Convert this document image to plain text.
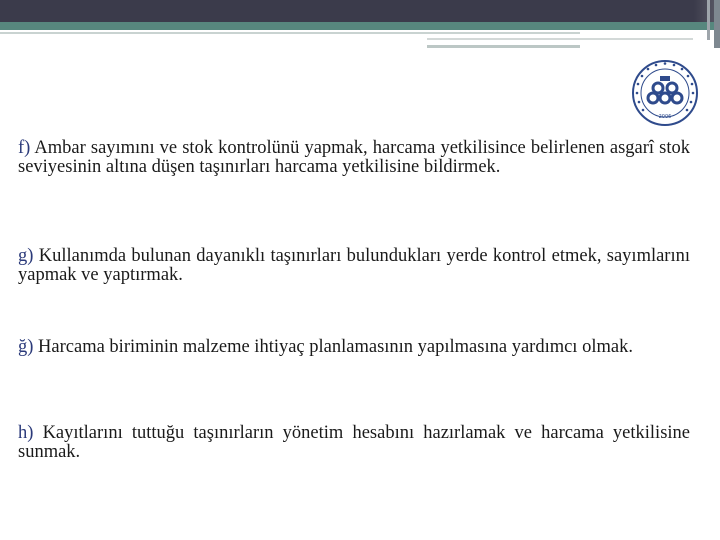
2006
f) Ambar sayımını ve stok kontrolünü yapmak, harcama yetkilisince belirlenen asgarî stok seviyesinin altına düşen taşınırları harcama yetkilisine bildirmek.
g) Kullanımda bulunan dayanıklı taşınırları bulundukları yerde kontrol etmek, sayımlarını yapmak ve yaptırmak.
ğ) Harcama biriminin malzeme ihtiyaç planlamasının yapılmasına yardımcı olmak.
h) Kayıtlarını tuttuğu taşınırların yönetim hesabını hazırlamak ve harcama yetkilisine sunmak.
